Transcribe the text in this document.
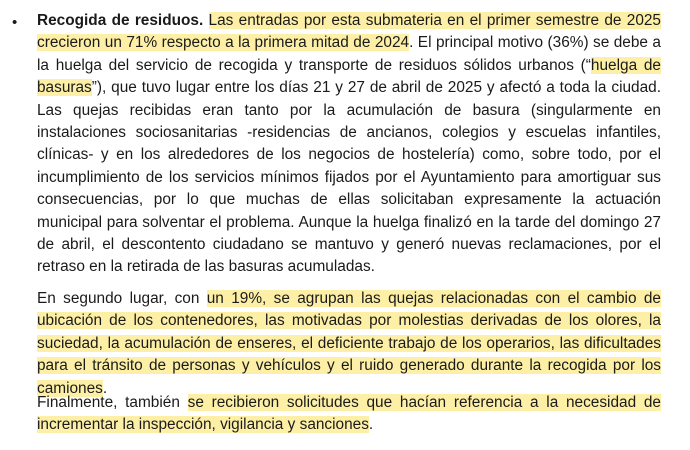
• Recogida de residuos. Las entradas por esta submateria en el primer semestre de 2025 crecieron un 71% respecto a la primera mitad de 2024. El principal motivo (36%) se debe a la huelga del servicio de recogida y transporte de residuos sólidos urbanos (“huelga de basuras”), que tuvo lugar entre los días 21 y 27 de abril de 2025 y afectó a toda la ciudad. Las quejas recibidas eran tanto por la acumulación de basura (singularmente en instalaciones sociosanitarias -residencias de ancianos, colegios y escuelas infantiles, clínicas- y en los alrededores de los negocios de hostelería) como, sobre todo, por el incumplimiento de los servicios mínimos fijados por el Ayuntamiento para amortiguar sus consecuencias, por lo que muchas de ellas solicitaban expresamente la actuación municipal para solventar el problema. Aunque la huelga finalizó en la tarde del domingo 27 de abril, el descontento ciudadano se mantuvo y generó nuevas reclamaciones, por el retraso en la retirada de las basuras acumuladas.
En segundo lugar, con un 19%, se agrupan las quejas relacionadas con el cambio de ubicación de los contenedores, las motivadas por molestias derivadas de los olores, la suciedad, la acumulación de enseres, el deficiente trabajo de los operarios, las dificultades para el tránsito de personas y vehículos y el ruido generado durante la recogida por los camiones.
Finalmente, también se recibieron solicitudes que hacían referencia a la necesidad de incrementar la inspección, vigilancia y sanciones.
